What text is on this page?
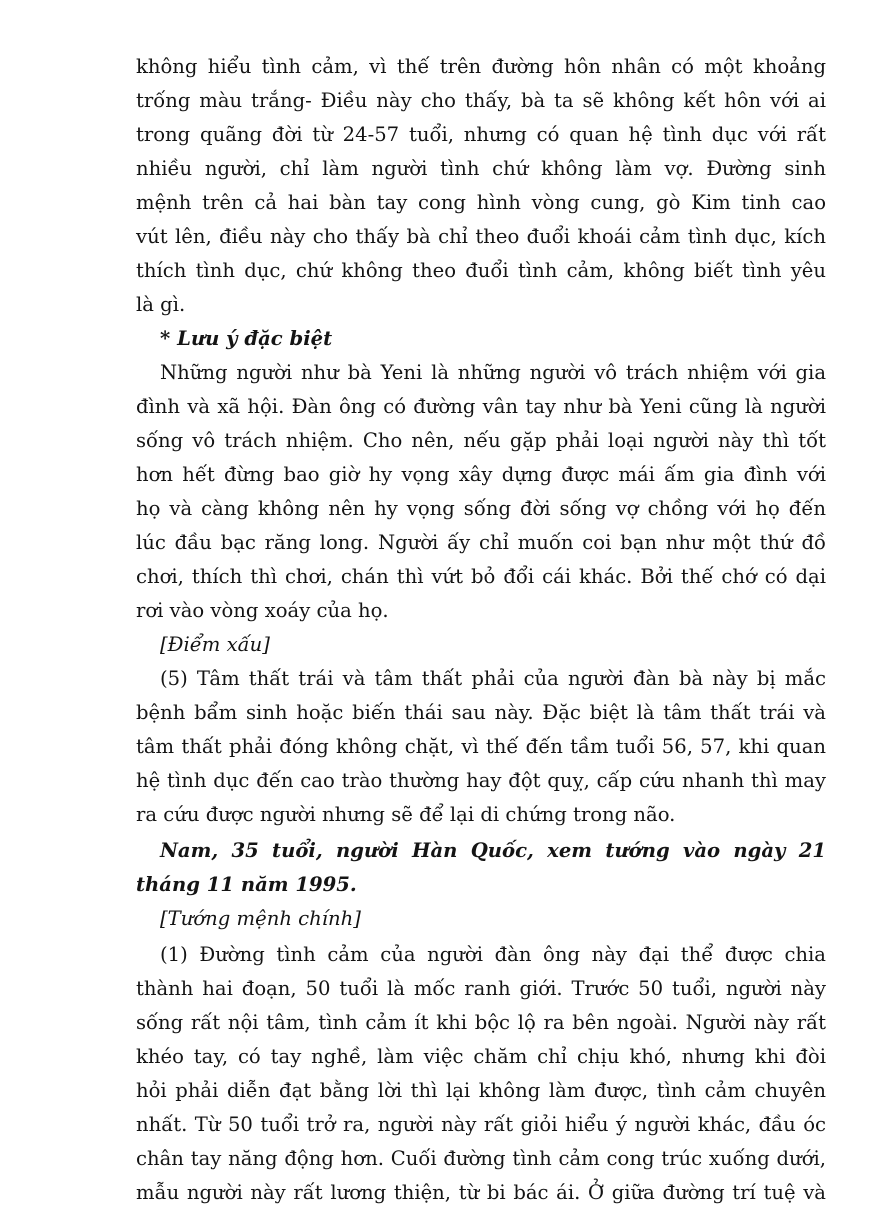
không hiểu tình cảm, vì thế trên đường hôn nhân có một khoảng
trống màu trắng- Điều này cho thấy, bà ta sẽ không kết hôn với ai
trong quãng đời từ 24-57 tuổi, nhưng có quan hệ tình dục với rất
nhiều người, chỉ làm người tình chứ không làm vợ. Đường sinh
mệnh trên cả hai bàn tay cong hình vòng cung, gò Kim tinh cao
vút lên, điều này cho thấy bà chỉ theo đuổi khoái cảm tình dục, kích
thích tình dục, chứ không theo đuổi tình cảm, không biết tình yêu
là gì.
* Lưu ý đặc biệt
Những người như bà Yeni là những người vô trách nhiệm với gia
đình và xã hội. Đàn ông có đường vân tay như bà Yeni cũng là người
sống vô trách nhiệm. Cho nên, nếu gặp phải loại người này thì tốt
hơn hết đừng bao giờ hy vọng xây dựng được mái ấm gia đình với
họ và càng không nên hy vọng sống đời sống vợ chồng với họ đến
lúc đầu bạc răng long. Người ấy chỉ muốn coi bạn như một thứ đồ
chơi, thích thì chơi, chán thì vứt bỏ đổi cái khác. Bởi thế chớ có dại
rơi vào vòng xoáy của họ.
[Điểm xấu]
(5) Tâm thất trái và tâm thất phải của người đàn bà này bị mắc
bệnh bẩm sinh hoặc biến thái sau này. Đặc biệt là tâm thất trái và
tâm thất phải đóng không chặt, vì thế đến tầm tuổi 56, 57, khi quan
hệ tình dục đến cao trào thường hay đột quỵ, cấp cứu nhanh thì may
ra cứu được người nhưng sẽ để lại di chứng trong não.
Nam, 35 tuổi, người Hàn Quốc, xem tướng vào ngày 21
tháng 11 năm 1995.
[Tướng mệnh chính]
(1) Đường tình cảm của người đàn ông này đại thể được chia
thành hai đoạn, 50 tuổi là mốc ranh giới. Trước 50 tuổi, người này
sống rất nội tâm, tình cảm ít khi bộc lộ ra bên ngoài. Người này rất
khéo tay, có tay nghề, làm việc chăm chỉ chịu khó, nhưng khi đòi
hỏi phải diễn đạt bằng lời thì lại không làm được, tình cảm chuyên
nhất. Từ 50 tuổi trở ra, người này rất giỏi hiểu ý người khác, đầu óc
chân tay năng động hơn. Cuối đường tình cảm cong trúc xuống dưới,
mẫu người này rất lương thiện, từ bi bác ái. Ở giữa đường trí tuệ và
